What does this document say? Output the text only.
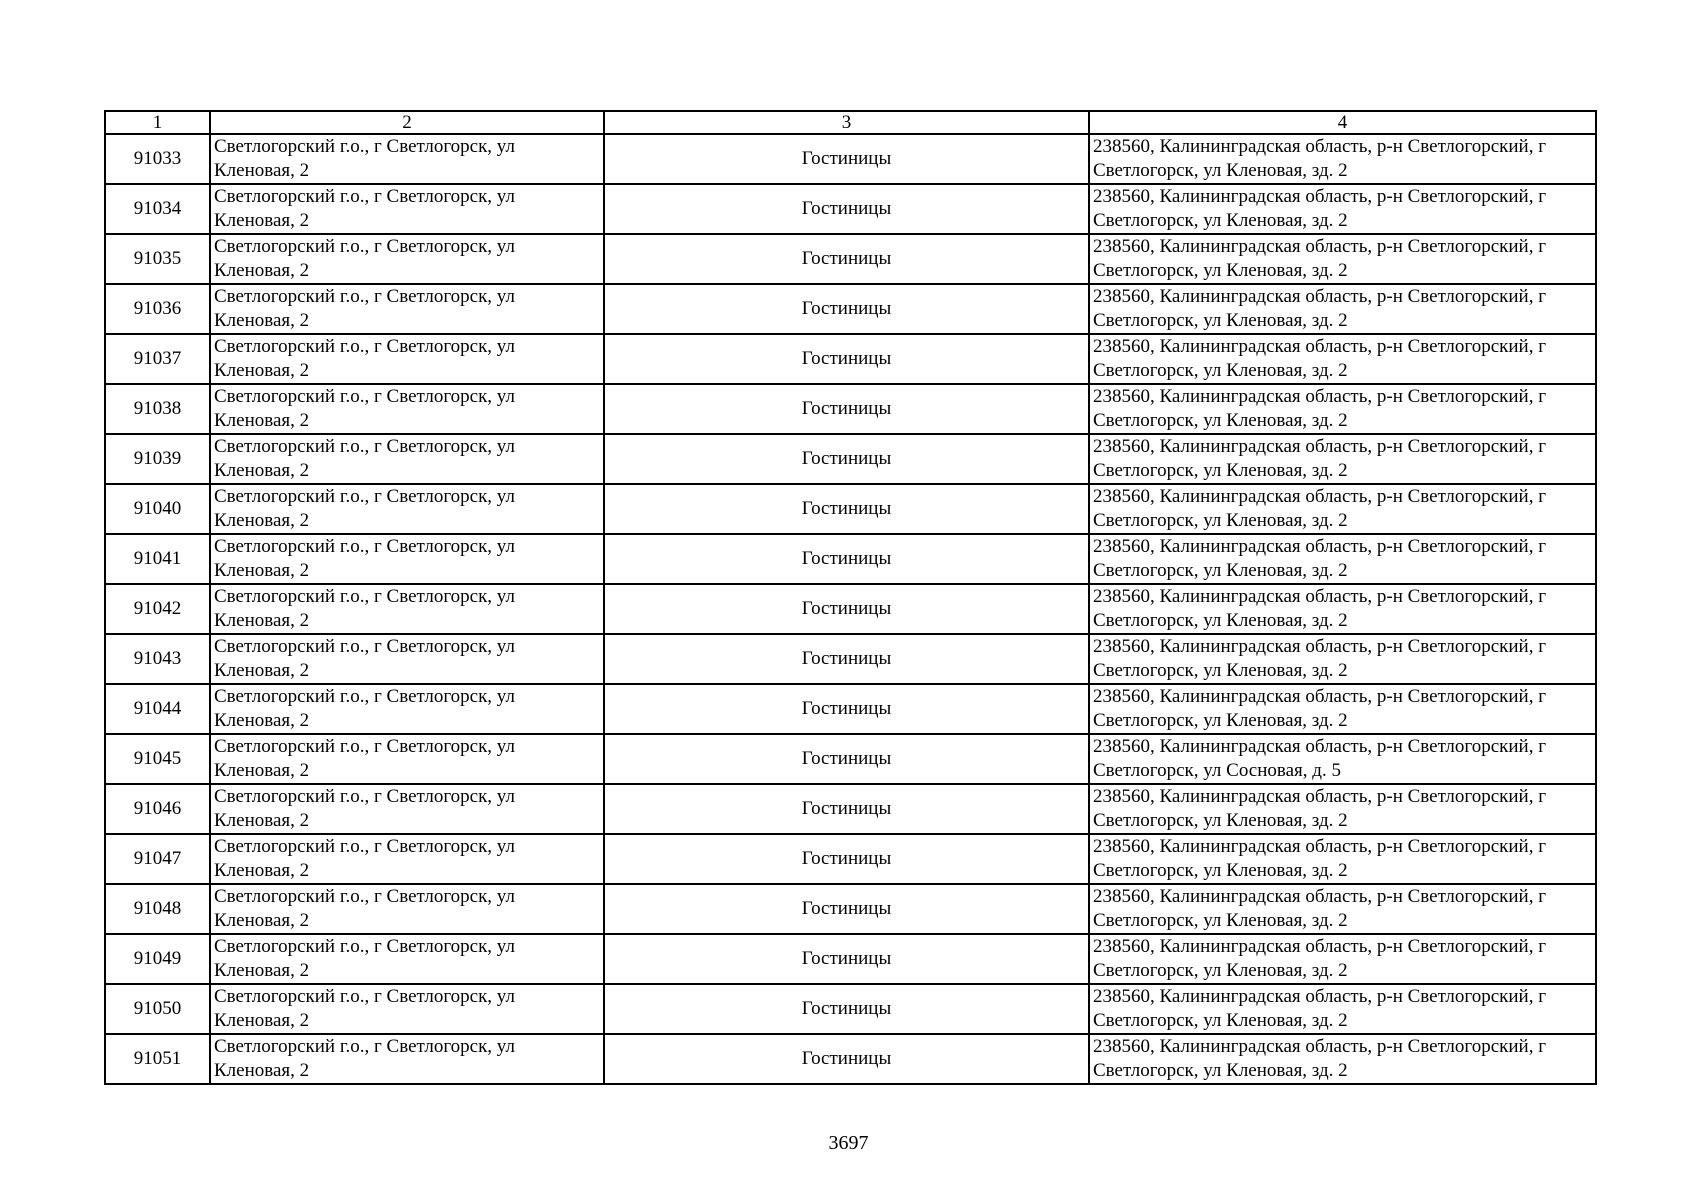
1	2	3	4
91033	Светлогорский г.о., г Светлогорск, ул Кленовая, 2	Гостиницы	238560, Калининградская область, р-н Светлогорский, г Светлогорск, ул Кленовая, зд. 2
91034	Светлогорский г.о., г Светлогорск, ул Кленовая, 2	Гостиницы	238560, Калининградская область, р-н Светлогорский, г Светлогорск, ул Кленовая, зд. 2
91035	Светлогорский г.о., г Светлогорск, ул Кленовая, 2	Гостиницы	238560, Калининградская область, р-н Светлогорский, г Светлогорск, ул Кленовая, зд. 2
91036	Светлогорский г.о., г Светлогорск, ул Кленовая, 2	Гостиницы	238560, Калининградская область, р-н Светлогорский, г Светлогорск, ул Кленовая, зд. 2
91037	Светлогорский г.о., г Светлогорск, ул Кленовая, 2	Гостиницы	238560, Калининградская область, р-н Светлогорский, г Светлогорск, ул Кленовая, зд. 2
91038	Светлогорский г.о., г Светлогорск, ул Кленовая, 2	Гостиницы	238560, Калининградская область, р-н Светлогорский, г Светлогорск, ул Кленовая, зд. 2
91039	Светлогорский г.о., г Светлогорск, ул Кленовая, 2	Гостиницы	238560, Калининградская область, р-н Светлогорский, г Светлогорск, ул Кленовая, зд. 2
91040	Светлогорский г.о., г Светлогорск, ул Кленовая, 2	Гостиницы	238560, Калининградская область, р-н Светлогорский, г Светлогорск, ул Кленовая, зд. 2
91041	Светлогорский г.о., г Светлогорск, ул Кленовая, 2	Гостиницы	238560, Калининградская область, р-н Светлогорский, г Светлогорск, ул Кленовая, зд. 2
91042	Светлогорский г.о., г Светлогорск, ул Кленовая, 2	Гостиницы	238560, Калининградская область, р-н Светлогорский, г Светлогорск, ул Кленовая, зд. 2
91043	Светлогорский г.о., г Светлогорск, ул Кленовая, 2	Гостиницы	238560, Калининградская область, р-н Светлогорский, г Светлогорск, ул Кленовая, зд. 2
91044	Светлогорский г.о., г Светлогорск, ул Кленовая, 2	Гостиницы	238560, Калининградская область, р-н Светлогорский, г Светлогорск, ул Кленовая, зд. 2
91045	Светлогорский г.о., г Светлогорск, ул Кленовая, 2	Гостиницы	238560, Калининградская область, р-н Светлогорский, г Светлогорск, ул Сосновая, д. 5
91046	Светлогорский г.о., г Светлогорск, ул Кленовая, 2	Гостиницы	238560, Калининградская область, р-н Светлогорский, г Светлогорск, ул Кленовая, зд. 2
91047	Светлогорский г.о., г Светлогорск, ул Кленовая, 2	Гостиницы	238560, Калининградская область, р-н Светлогорский, г Светлогорск, ул Кленовая, зд. 2
91048	Светлогорский г.о., г Светлогорск, ул Кленовая, 2	Гостиницы	238560, Калининградская область, р-н Светлогорский, г Светлогорск, ул Кленовая, зд. 2
91049	Светлогорский г.о., г Светлогорск, ул Кленовая, 2	Гостиницы	238560, Калининградская область, р-н Светлогорский, г Светлогорск, ул Кленовая, зд. 2
91050	Светлогорский г.о., г Светлогорск, ул Кленовая, 2	Гостиницы	238560, Калининградская область, р-н Светлогорский, г Светлогорск, ул Кленовая, зд. 2
91051	Светлогорский г.о., г Светлогорск, ул Кленовая, 2	Гостиницы	238560, Калининградская область, р-н Светлогорский, г Светлогорск, ул Кленовая, зд. 2
3697
